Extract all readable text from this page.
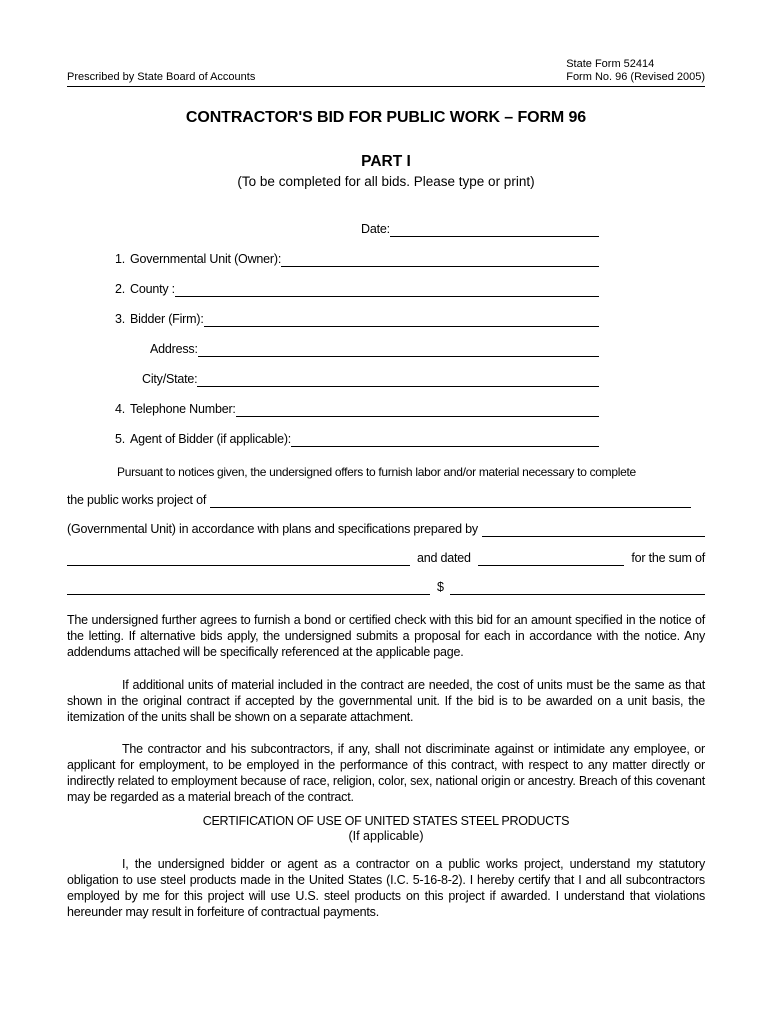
Prescribed by State Board of Accounts
State Form 52414
Form No. 96 (Revised 2005)
CONTRACTOR'S BID FOR PUBLIC WORK – FORM 96
PART I
(To be completed for all bids. Please type or print)
Date:
1. Governmental Unit (Owner):
2. County :
3. Bidder (Firm):
Address:
City/State:
4. Telephone Number:
5. Agent of Bidder (if applicable):
Pursuant to notices given, the undersigned offers to furnish labor and/or material necessary to complete
the public works project of
(Governmental Unit) in accordance with plans and specifications prepared by
and dated	for the sum of
$

The undersigned further agrees to furnish a bond or certified check with this bid for an amount specified in the notice of the letting. If alternative bids apply, the undersigned submits a proposal for each in accordance with the notice. Any addendums attached will be specifically referenced at the applicable page.

If additional units of material included in the contract are needed, the cost of units must be the same as that shown in the original contract if accepted by the governmental unit. If the bid is to be awarded on a unit basis, the itemization of the units shall be shown on a separate attachment.

The contractor and his subcontractors, if any, shall not discriminate against or intimidate any employee, or applicant for employment, to be employed in the performance of this contract, with respect to any matter directly or indirectly related to employment because of race, religion, color, sex, national origin or ancestry. Breach of this covenant may be regarded as a material breach of the contract.

CERTIFICATION OF USE OF UNITED STATES STEEL PRODUCTS
(If applicable)

I, the undersigned bidder or agent as a contractor on a public works project, understand my statutory obligation to use steel products made in the United States (I.C. 5-16-8-2). I hereby certify that I and all subcontractors employed by me for this project will use U.S. steel products on this project if awarded. I understand that violations hereunder may result in forfeiture of contractual payments.
